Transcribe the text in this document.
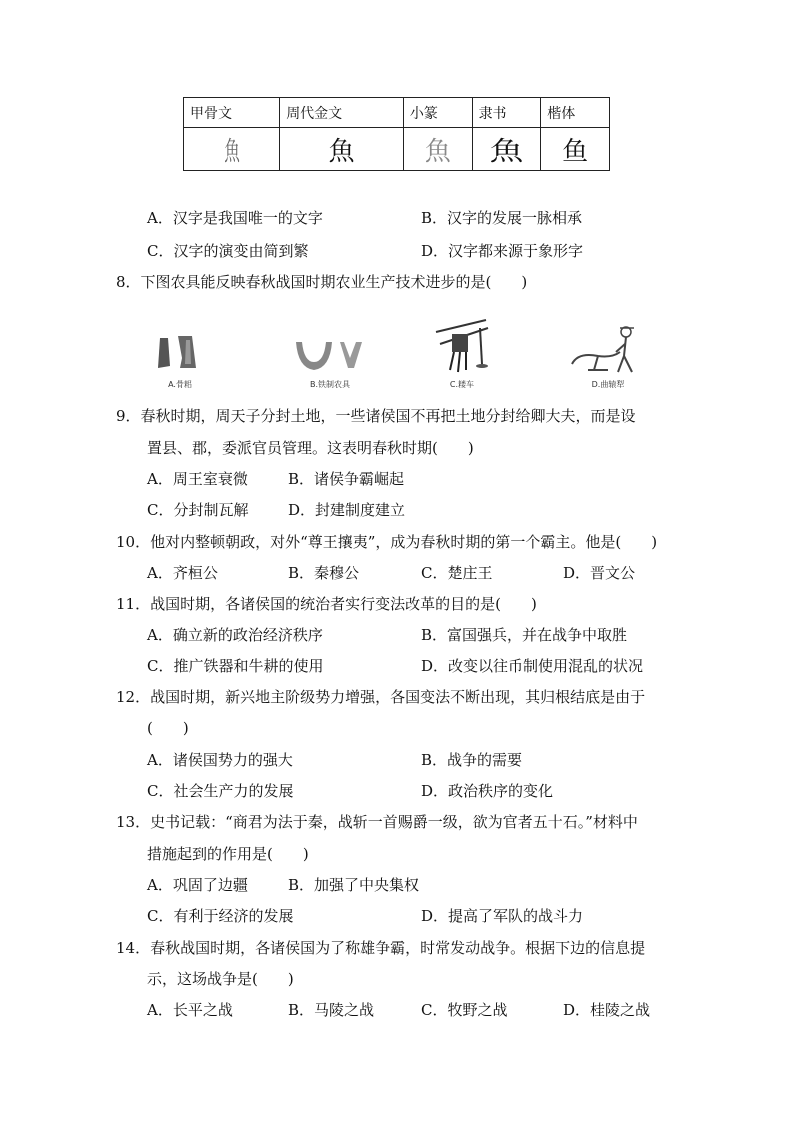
甲骨文	周代金文	小篆	隶书	楷体
魚	魚	魚	魚	鱼
A．汉字是我国唯一的文字	B．汉字的发展一脉相承
C．汉字的演变由简到繁	D．汉字都来源于象形字
8．下图农具能反映春秋战国时期农业生产技术进步的是(　　)
A.骨耜	B.铁制农具	C.耧车	D.曲辕犁
9．春秋时期，周天子分封土地，一些诸侯国不再把土地分封给卿大夫，而是设
置县、郡，委派官员管理。这表明春秋时期(　　)
A．周王室衰微	B．诸侯争霸崛起
C．分封制瓦解	D．封建制度建立
10．他对内整顿朝政，对外“尊王攘夷”，成为春秋时期的第一个霸主。他是(　　)
A．齐桓公	B．秦穆公	C．楚庄王	D．晋文公
11．战国时期，各诸侯国的统治者实行变法改革的目的是(　　)
A．确立新的政治经济秩序	B．富国强兵，并在战争中取胜
C．推广铁器和牛耕的使用	D．改变以往币制使用混乱的状况
12．战国时期，新兴地主阶级势力增强，各国变法不断出现，其归根结底是由于
(　　)
A．诸侯国势力的强大	B．战争的需要
C．社会生产力的发展	D．政治秩序的变化
13．史书记载：“商君为法于秦，战斩一首赐爵一级，欲为官者五十石。”材料中
措施起到的作用是(　　)
A．巩固了边疆	B．加强了中央集权
C．有利于经济的发展	D．提高了军队的战斗力
14．春秋战国时期，各诸侯国为了称雄争霸，时常发动战争。根据下边的信息提
示，这场战争是(　　)
A．长平之战	B．马陵之战	C．牧野之战	D．桂陵之战
